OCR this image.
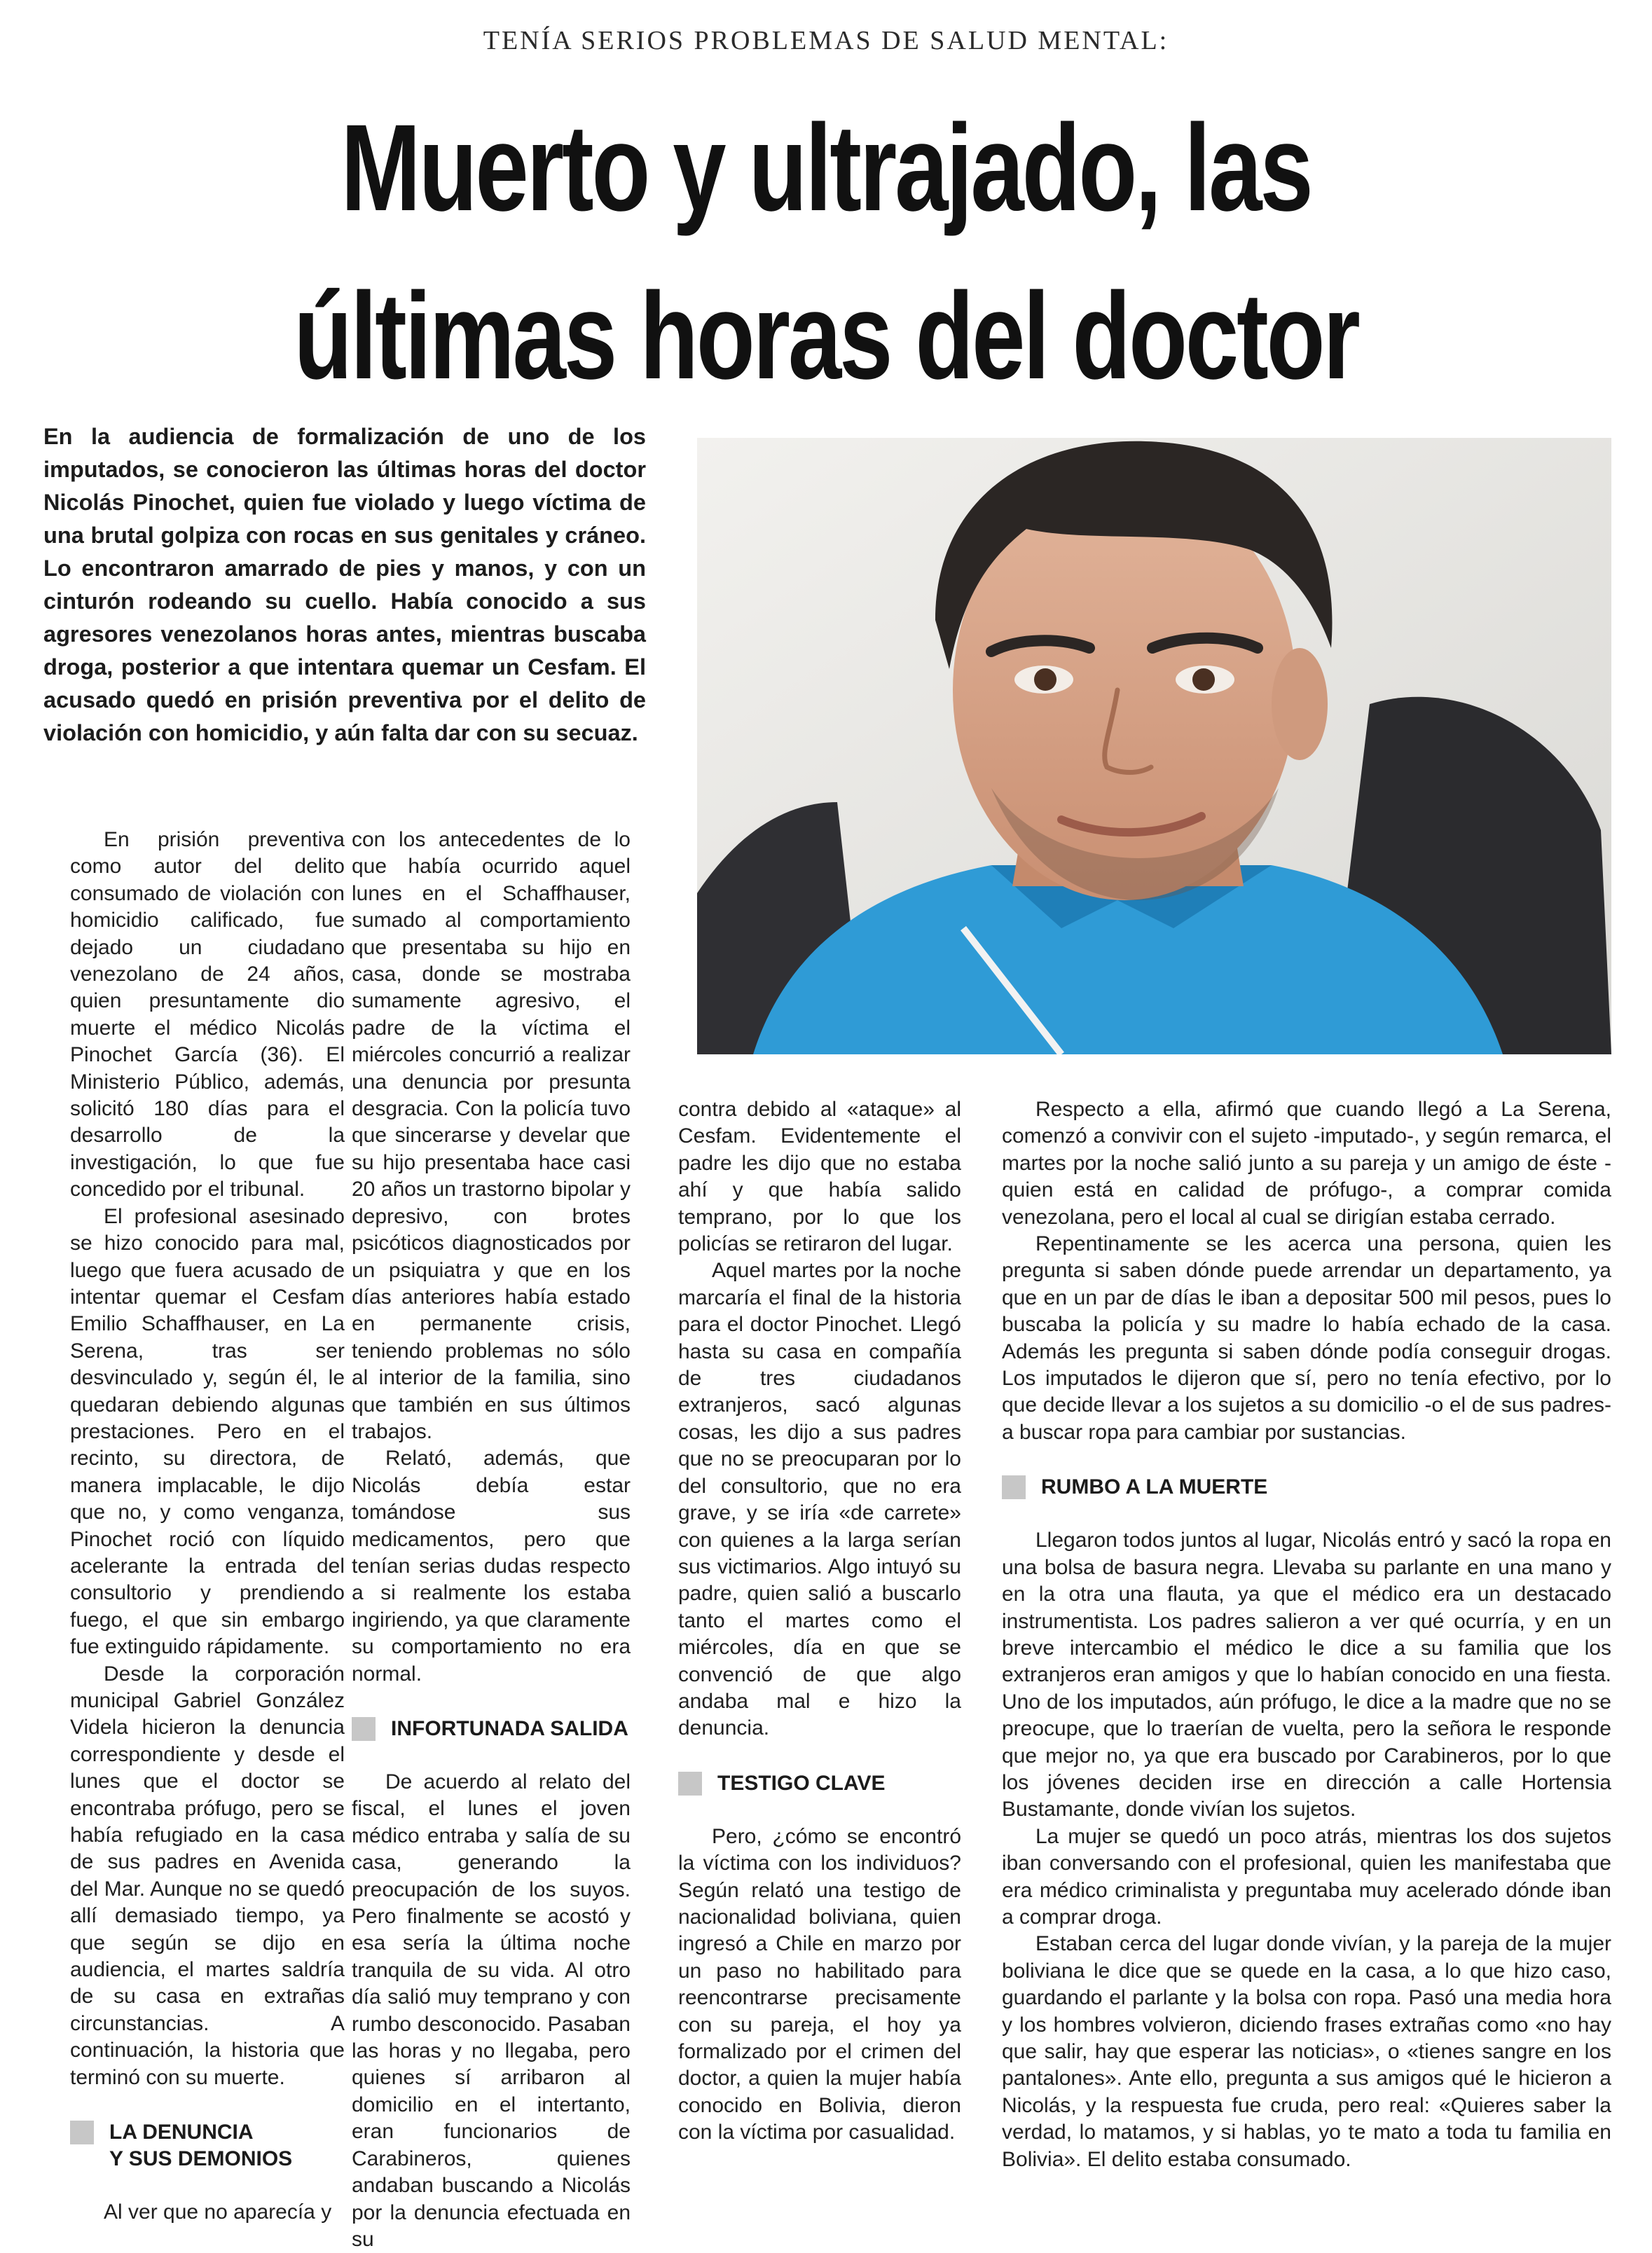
TENÍA SERIOS PROBLEMAS DE SALUD MENTAL:
Muerto y ultrajado, las
últimas horas del doctor
En la audiencia de formalización de uno de los imputados, se conocieron las últimas horas del doctor Nicolás Pinochet, quien fue violado y luego víctima de una brutal golpiza con rocas en sus genitales y cráneo. Lo encontraron amarrado de pies y manos, y con un cinturón rodeando su cuello. Había conocido a sus agresores venezolanos horas antes, mientras buscaba droga, posterior a que intentara quemar un Cesfam. El acusado quedó en prisión preventiva por el delito de violación con homicidio, y aún falta dar con su secuaz.

En prisión preventiva como autor del delito consumado de violación con homicidio calificado, fue dejado un ciudadano venezolano de 24 años, quien presuntamente dio muerte el médico Nicolás Pinochet García (36). El Ministerio Público, además, solicitó 180 días para el desarrollo de la investigación, lo que fue concedido por el tribunal.

El profesional asesinado se hizo conocido para mal, luego que fuera acusado de intentar quemar el Cesfam Emilio Schaffhauser, en La Serena, tras ser desvinculado y, según él, le quedaran debiendo algunas prestaciones. Pero en el recinto, su directora, de manera implacable, le dijo que no, y como venganza, Pinochet roció con líquido acelerante la entrada del consultorio y prendiendo fuego, el que sin embargo fue extinguido rápidamente.

Desde la corporación municipal Gabriel González Videla hicieron la denuncia correspondiente y desde el lunes que el doctor se encontraba prófugo, pero se había refugiado en la casa de sus padres en Avenida del Mar. Aunque no se quedó allí demasiado tiempo, ya que según se dijo en audiencia, el martes saldría de su casa en extrañas circunstancias. A continuación, la historia que terminó con su muerte.

LA DENUNCIA
Y SUS DEMONIOS

Al ver que no aparecía y

con los antecedentes de lo que había ocurrido aquel lunes en el Schaffhauser, sumado al comportamiento que presentaba su hijo en casa, donde se mostraba sumamente agresivo, el padre de la víctima el miércoles concurrió a realizar una denuncia por presunta desgracia. Con la policía tuvo que sincerarse y develar que su hijo presentaba hace casi 20 años un trastorno bipolar y depresivo, con brotes psicóticos diagnosticados por un psiquiatra y que en los días anteriores había estado en permanente crisis, teniendo problemas no sólo al interior de la familia, sino que también en sus últimos trabajos.

Relató, además, que Nicolás debía estar tomándose sus medicamentos, pero que tenían serias dudas respecto a si realmente los estaba ingiriendo, ya que claramente su comportamiento no era normal.

INFORTUNADA SALIDA

De acuerdo al relato del fiscal, el lunes el joven médico entraba y salía de su casa, generando la preocupación de los suyos. Pero finalmente se acostó y esa sería la última noche tranquila de su vida. Al otro día salió muy temprano y con rumbo desconocido. Pasaban las horas y no llegaba, pero quienes sí arribaron al domicilio en el intertanto, eran funcionarios de Carabineros, quienes andaban buscando a Nicolás por la denuncia efectuada en su

contra debido al «ataque» al Cesfam. Evidentemente el padre les dijo que no estaba ahí y que había salido temprano, por lo que los policías se retiraron del lugar.

Aquel martes por la noche marcaría el final de la historia para el doctor Pinochet. Llegó hasta su casa en compañía de tres ciudadanos extranjeros, sacó algunas cosas, les dijo a sus padres que no se preocuparan por lo del consultorio, que no era grave, y se iría «de carrete» con quienes a la larga serían sus victimarios. Algo intuyó su padre, quien salió a buscarlo tanto el martes como el miércoles, día en que se convenció de que algo andaba mal e hizo la denuncia.

TESTIGO CLAVE

Pero, ¿cómo se encontró la víctima con los individuos? Según relató una testigo de nacionalidad boliviana, quien ingresó a Chile en marzo por un paso no habilitado para reencontrarse precisamente con su pareja, el hoy ya formalizado por el crimen del doctor, a quien la mujer había conocido en Bolivia, dieron con la víctima por casualidad.

Respecto a ella, afirmó que cuando llegó a La Serena, comenzó a convivir con el sujeto -imputado-, y según remarca, el martes por la noche salió junto a su pareja y un amigo de éste -quien está en calidad de prófugo-, a comprar comida venezolana, pero el local al cual se dirigían estaba cerrado.

Repentinamente se les acerca una persona, quien les pregunta si saben dónde puede arrendar un departamento, ya que en un par de días le iban a depositar 500 mil pesos, pues lo buscaba la policía y su madre lo había echado de la casa. Además les pregunta si saben dónde podía conseguir drogas. Los imputados le dijeron que sí, pero no tenía efectivo, por lo que decide llevar a los sujetos a su domicilio -o el de sus padres- a buscar ropa para cambiar por sustancias.

RUMBO A LA MUERTE

Llegaron todos juntos al lugar, Nicolás entró y sacó la ropa en una bolsa de basura negra. Llevaba su parlante en una mano y en la otra una flauta, ya que el médico era un destacado instrumentista. Los padres salieron a ver qué ocurría, y en un breve intercambio el médico le dice a su familia que los extranjeros eran amigos y que lo habían conocido en una fiesta. Uno de los imputados, aún prófugo, le dice a la madre que no se preocupe, que lo traerían de vuelta, pero la señora le responde que mejor no, ya que era buscado por Carabineros, por lo que los jóvenes deciden irse en dirección a calle Hortensia Bustamante, donde vivían los sujetos.

La mujer se quedó un poco atrás, mientras los dos sujetos iban conversando con el profesional, quien les manifestaba que era médico criminalista y preguntaba muy acelerado dónde iban a comprar droga.

Estaban cerca del lugar donde vivían, y la pareja de la mujer boliviana le dice que se quede en la casa, a lo que hizo caso, guardando el parlante y la bolsa con ropa. Pasó una media hora y los hombres volvieron, diciendo frases extrañas como «no hay que salir, hay que esperar las noticias», o «tienes sangre en los pantalones». Ante ello, pregunta a sus amigos qué le hicieron a Nicolás, y la respuesta fue cruda, pero real: «Quieres saber la verdad, lo matamos, y si hablas, yo te mato a toda tu familia en Bolivia». El delito estaba consumado.
